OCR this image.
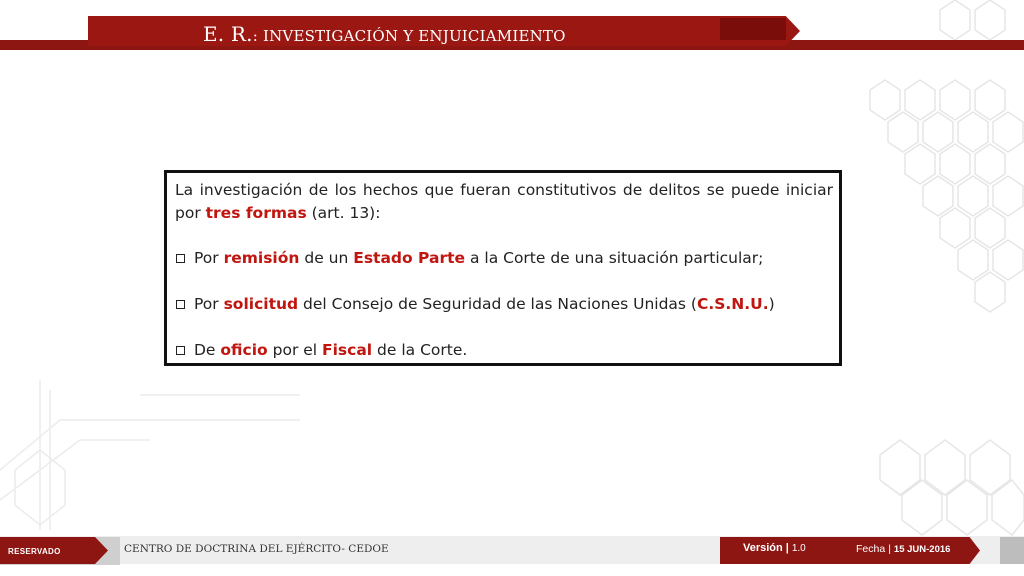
E. R.: INVESTIGACIÓN Y ENJUICIAMIENTO

La investigación de los hechos que fueran constitutivos de delitos se puede iniciar por tres formas (art. 13):

Por remisión de un Estado Parte a la Corte de una situación particular;
Por solicitud del Consejo de Seguridad de las Naciones Unidas (C.S.N.U.)
De oficio por el Fiscal de la Corte.
RESERVADO	CENTRO DE DOCTRINA DEL EJÉRCITO- CEDOE	Versión | 1.0	Fecha | 15 JUN-2016
